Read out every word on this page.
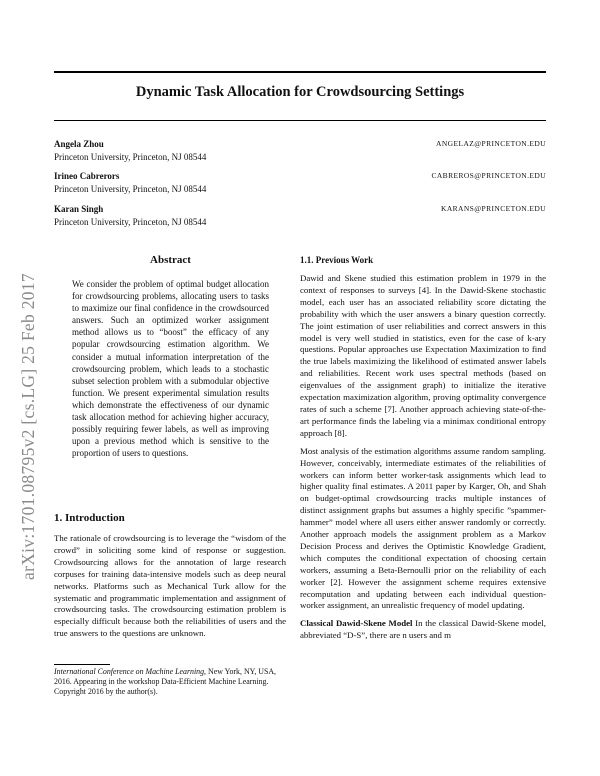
Dynamic Task Allocation for Crowdsourcing Settings
arXiv:1701.08795v2 [cs.LG] 25 Feb 2017
Angela Zhou
Princeton University, Princeton, NJ 08544
ANGELAZ@PRINCETON.EDU
Irineo Cabrerors
Princeton University, Princeton, NJ 08544
CABREROS@PRINCETON.EDU
Karan Singh
Princeton University, Princeton, NJ 08544
KARANS@PRINCETON.EDU
Abstract

We consider the problem of optimal budget allocation for crowdsourcing problems, allocating users to tasks to maximize our final confidence in the crowdsourced answers. Such an optimized worker assignment method allows us to “boost” the efficacy of any popular crowdsourcing estimation algorithm. We consider a mutual information interpretation of the crowdsourcing problem, which leads to a stochastic subset selection problem with a submodular objective function. We present experimental simulation results which demonstrate the effectiveness of our dynamic task allocation method for achieving higher accuracy, possibly requiring fewer labels, as well as improving upon a previous method which is sensitive to the proportion of users to questions.

1. Introduction

The rationale of crowdsourcing is to leverage the “wisdom of the crowd” in soliciting some kind of response or suggestion. Crowdsourcing allows for the annotation of large research corpuses for training data-intensive models such as deep neural networks. Platforms such as Mechanical Turk allow for the systematic and programmatic implementation and assignment of crowdsourcing tasks. The crowdsourcing estimation problem is especially difficult because both the reliabilities of users and the true answers to the questions are unknown.

International Conference on Machine Learning, New York, NY, USA, 2016. Appearing in the workshop Data-Efficient Machine Learning. Copyright 2016 by the author(s).

1.1. Previous Work

Dawid and Skene studied this estimation problem in 1979 in the context of responses to surveys [4]. In the Dawid-Skene stochastic model, each user has an associated reliability score dictating the probability with which the user answers a binary question correctly. The joint estimation of user reliabilities and correct answers in this model is very well studied in statistics, even for the case of k-ary questions. Popular approaches use Expectation Maximization to find the true labels maximizing the likelihood of estimated answer labels and reliabilities. Recent work uses spectral methods (based on eigenvalues of the assignment graph) to initialize the iterative expectation maximization algorithm, proving optimality convergence rates of such a scheme [7]. Another approach achieving state-of-the-art performance finds the labeling via a minimax conditional entropy approach [8].

Most analysis of the estimation algorithms assume random sampling. However, conceivably, intermediate estimates of the reliabilities of workers can inform better worker-task assignments which lead to higher quality final estimates. A 2011 paper by Karger, Oh, and Shah on budget-optimal crowdsourcing tracks multiple instances of distinct assignment graphs but assumes a highly specific ”spammer-hammer” model where all users either answer randomly or correctly. Another approach models the assignment problem as a Markov Decision Process and derives the Optimistic Knowledge Gradient, which computes the conditional expectation of choosing certain workers, assuming a Beta-Bernoulli prior on the reliability of each worker [2]. However the assignment scheme requires extensive recomputation and updating between each individual question-worker assignment, an unrealistic frequency of model updating.

Classical Dawid-Skene Model In the classical Dawid-Skene model, abbreviated “D-S”, there are n users and m
